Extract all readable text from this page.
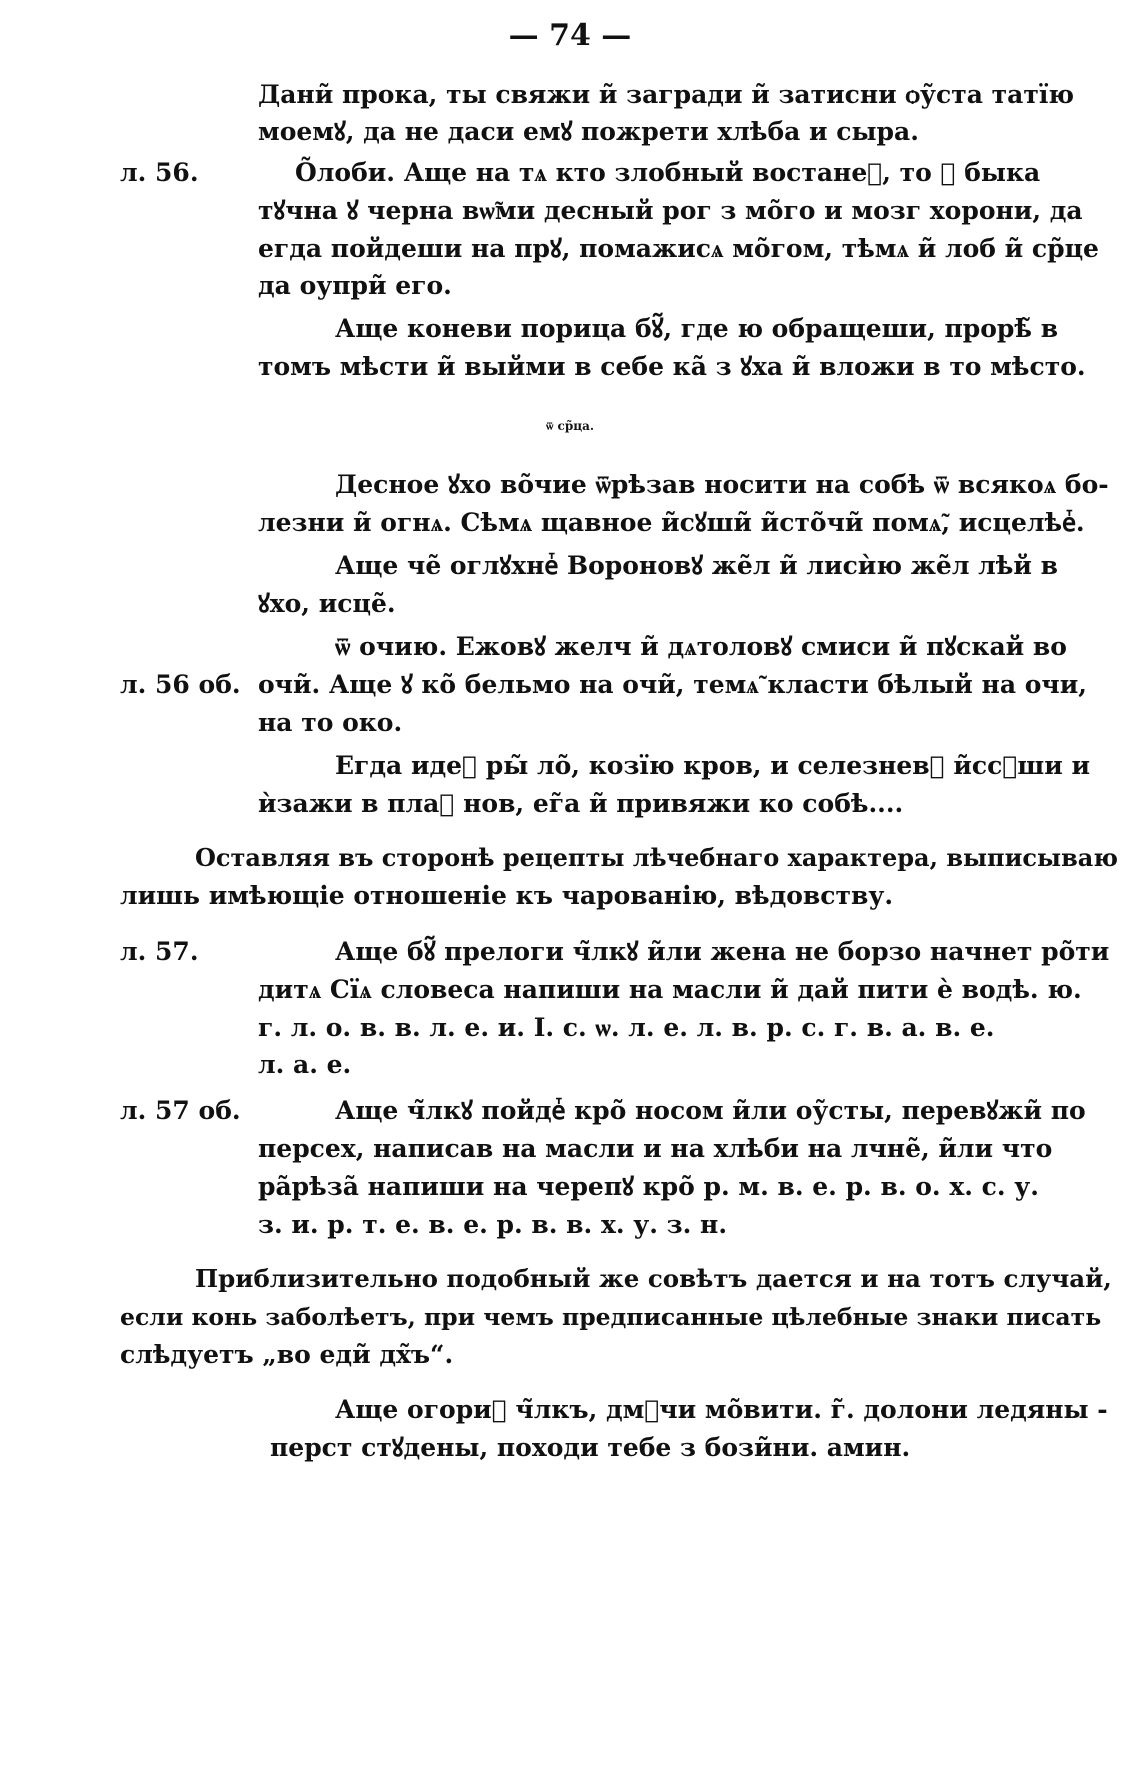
— 74 —
Дани̃ прока, ты свяжи и̃ загради и̃ затисни ѻу̃ста татїю
моемꙋ, да не даси емꙋ пожрети хлѣба и сыра.
л. 56.	О̃лоби. Аще на тѧ кто злобный востанеⷮ, то ꙋ быка
тꙋчна ꙋ черна вѡ̃ми десный рог з мо̃го и мозг хорони, да
егда пойдеши на прꙋ, помажисѧ мо̃гом, тѣмѧ и̃ лоб и̃ ср̃це
да оупри̃ его.
Аще коневи порица бꙋ̃, где ю обращеши, прорѣ̃ в
томъ мѣсти и̃ выйми в себе ка̃ з ꙋха и̃ вложи в то мѣсто.
ѿ ср̃ца.
Десное ꙋхо во̃чие ѿрѣзав носити на собѣ ѿ всякоѧ бо-
лезни и̃ огнѧ. Сѣмѧ щавное и̃сꙋши̃ и̃сто̃чи̃ помѧ̃, исцелѣеⷮ.
Аще че̃ оглꙋхнеⷮ Вороновꙋ же̃л и̃ лисѝю же̃л лѣй в
ꙋхо, исце̃.
ѿ очию. Ежовꙋ желч и̃ дѧтоловꙋ смиси и̃ пꙋскай во
л. 56 об. очи̃. Аще ꙋ ко̃ бельмо на очи̃, темѧ̃ класти бѣлый на очи,
на то око.
Егда идеⷮ ры̃ ло̃, козїю кров, и селезневꙋ и̃ссꙋши и
ѝзажи в плаⷮ нов, ег̃а и̃ привяжи ко собѣ....
Оставляя въ сторонѣ рецепты лѣчебнаго характера, выписываю
лишь имѣющіе отношеніе къ чарованію, вѣдовству.
л. 57.	Аще бꙋ̃ прелоги ч̃лкꙋ и̃ли жена не борзо начнет ро̃ти
дитѧ Сїѧ словеса напиши на масли и̃ дай пити ѐ водѣ. ю.
г. л. о. в. в. л. е. и. І. с. ѡ. л. е. л. в. р. с. г. в. а. в. е.
л. а. е.
л. 57 об.	Аще ч̃лкꙋ пойдеⷮ кро̃ носом и̃ли оу̃сты, перевꙋжи̃ по
персех, написав на масли и на хлѣби на лчне̃, и̃ли что
ра̃рѣза̃ напиши на черепꙋ кро̃ р. м. в. е. р. в. о. х. с. у.
з. и. р. т. е. в. е. р. в. в. х. у. з. н.
Приблизительно подобный же совѣтъ дается и на тотъ случай,
если конь заболѣетъ, при чемъ предписанные цѣлебные знаки писать
слѣдуетъ „во еди̃ дх̃ъ“.
Аще огориⷮ ч̃лкъ, дмꙋчи мо̃вити. г̃. долони ледяны ‑
перст стꙋдены, походи тебе з бози̃ни. амин.
